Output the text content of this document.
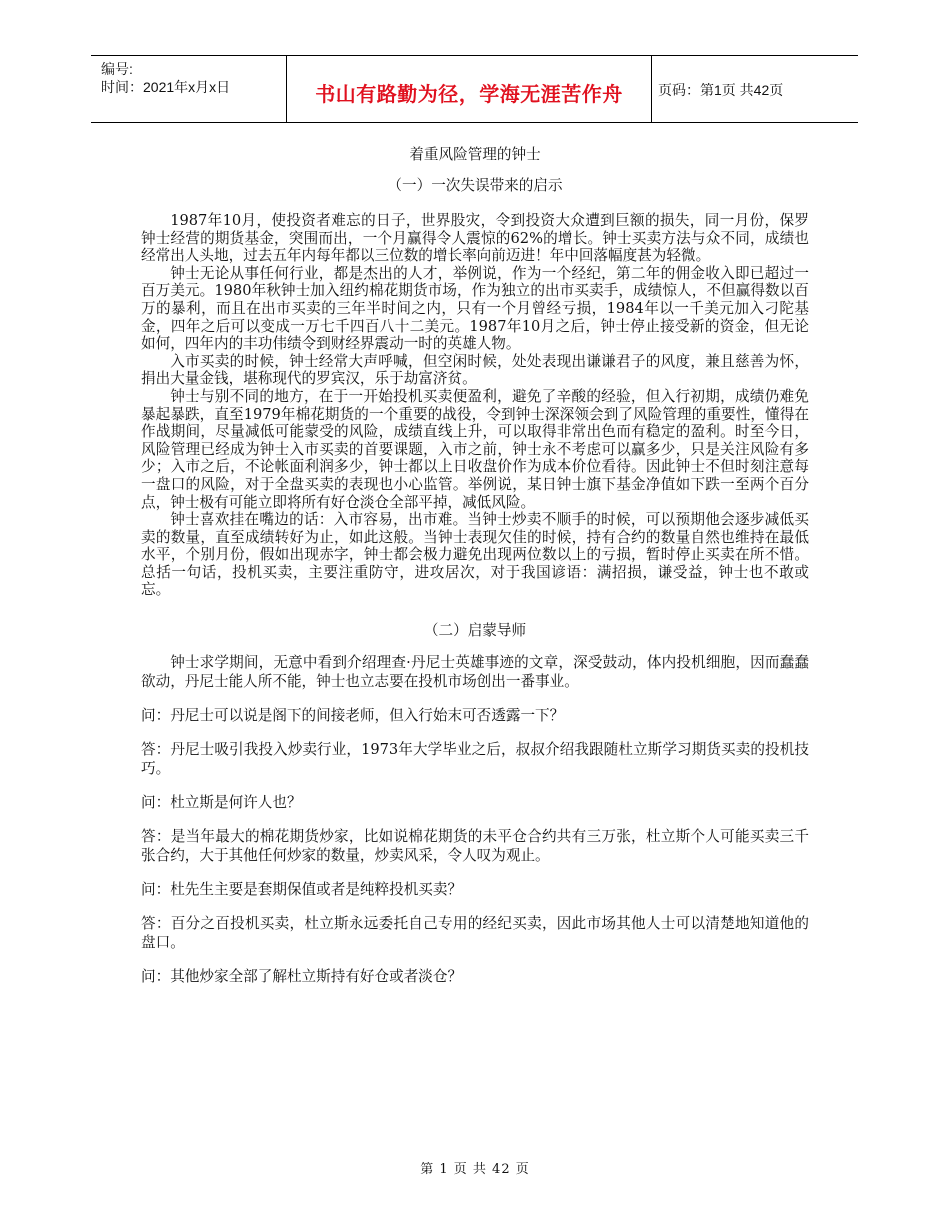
编号:
时间：2021年x月x日	书山有路勤为径，学海无涯苦作舟	页码：第1页 共42页

着重风险管理的钟士

（一）一次失误带来的启示

1987年10月，使投资者难忘的日子，世界股灾，令到投资大众遭到巨额的损失，同一月份，保罗钟士经营的期货基金，突围而出，一个月赢得令人震惊的62%的增长。钟士买卖方法与众不同，成绩也经常出人头地，过去五年内每年都以三位数的增长率向前迈进！年中回落幅度甚为轻微。

钟士无论从事任何行业，都是杰出的人才，举例说，作为一个经纪，第二年的佣金收入即已超过一百万美元。1980年秋钟士加入纽约棉花期货市场，作为独立的出市买卖手，成绩惊人，不但赢得数以百万的暴利，而且在出市买卖的三年半时间之内，只有一个月曾经亏损，1984年以一千美元加入刁陀基金，四年之后可以变成一万七千四百八十二美元。1987年10月之后，钟士停止接受新的资金，但无论如何，四年内的丰功伟绩令到财经界震动一时的英雄人物。

入市买卖的时候，钟士经常大声呼喊，但空闲时候，处处表现出谦谦君子的风度，兼且慈善为怀，捐出大量金钱，堪称现代的罗宾汉，乐于劫富济贫。

钟士与别不同的地方，在于一开始投机买卖便盈利，避免了辛酸的经验，但入行初期，成绩仍难免暴起暴跌，直至1979年棉花期货的一个重要的战役，令到钟士深深领会到了风险管理的重要性，懂得在作战期间，尽量减低可能蒙受的风险，成绩直线上升，可以取得非常出色而有稳定的盈利。时至今日，风险管理已经成为钟士入市买卖的首要课题，入市之前，钟士永不考虑可以赢多少，只是关注风险有多少；入市之后，不论帐面利润多少，钟士都以上日收盘价作为成本价位看待。因此钟士不但时刻注意每一盘口的风险，对于全盘买卖的表现也小心监管。举例说，某日钟士旗下基金净值如下跌一至两个百分点，钟士极有可能立即将所有好仓淡仓全部平掉，减低风险。

钟士喜欢挂在嘴边的话：入市容易，出市难。当钟士炒卖不顺手的时候，可以预期他会逐步减低买卖的数量，直至成绩转好为止，如此这般。当钟士表现欠佳的时候，持有合约的数量自然也维持在最低水平，个别月份，假如出现赤字，钟士都会极力避免出现两位数以上的亏损，暂时停止买卖在所不惜。总括一句话，投机买卖，主要注重防守，进攻居次，对于我国谚语：满招损，谦受益，钟士也不敢或忘。

（二）启蒙导师

钟士求学期间，无意中看到介绍理查·丹尼士英雄事迹的文章，深受鼓动，体内投机细胞，因而蠢蠢欲动，丹尼士能人所不能，钟士也立志要在投机市场创出一番事业。

问：丹尼士可以说是阁下的间接老师，但入行始末可否透露一下？

答：丹尼士吸引我投入炒卖行业，1973年大学毕业之后，叔叔介绍我跟随杜立斯学习期货买卖的投机技巧。

问：杜立斯是何许人也？

答：是当年最大的棉花期货炒家，比如说棉花期货的未平仓合约共有三万张，杜立斯个人可能买卖三千张合约，大于其他任何炒家的数量，炒卖风采，令人叹为观止。

问：杜先生主要是套期保值或者是纯粹投机买卖？

答：百分之百投机买卖，杜立斯永远委托自己专用的经纪买卖，因此市场其他人士可以清楚地知道他的盘口。

问：其他炒家全部了解杜立斯持有好仓或者淡仓？

第 1 页 共 42 页
